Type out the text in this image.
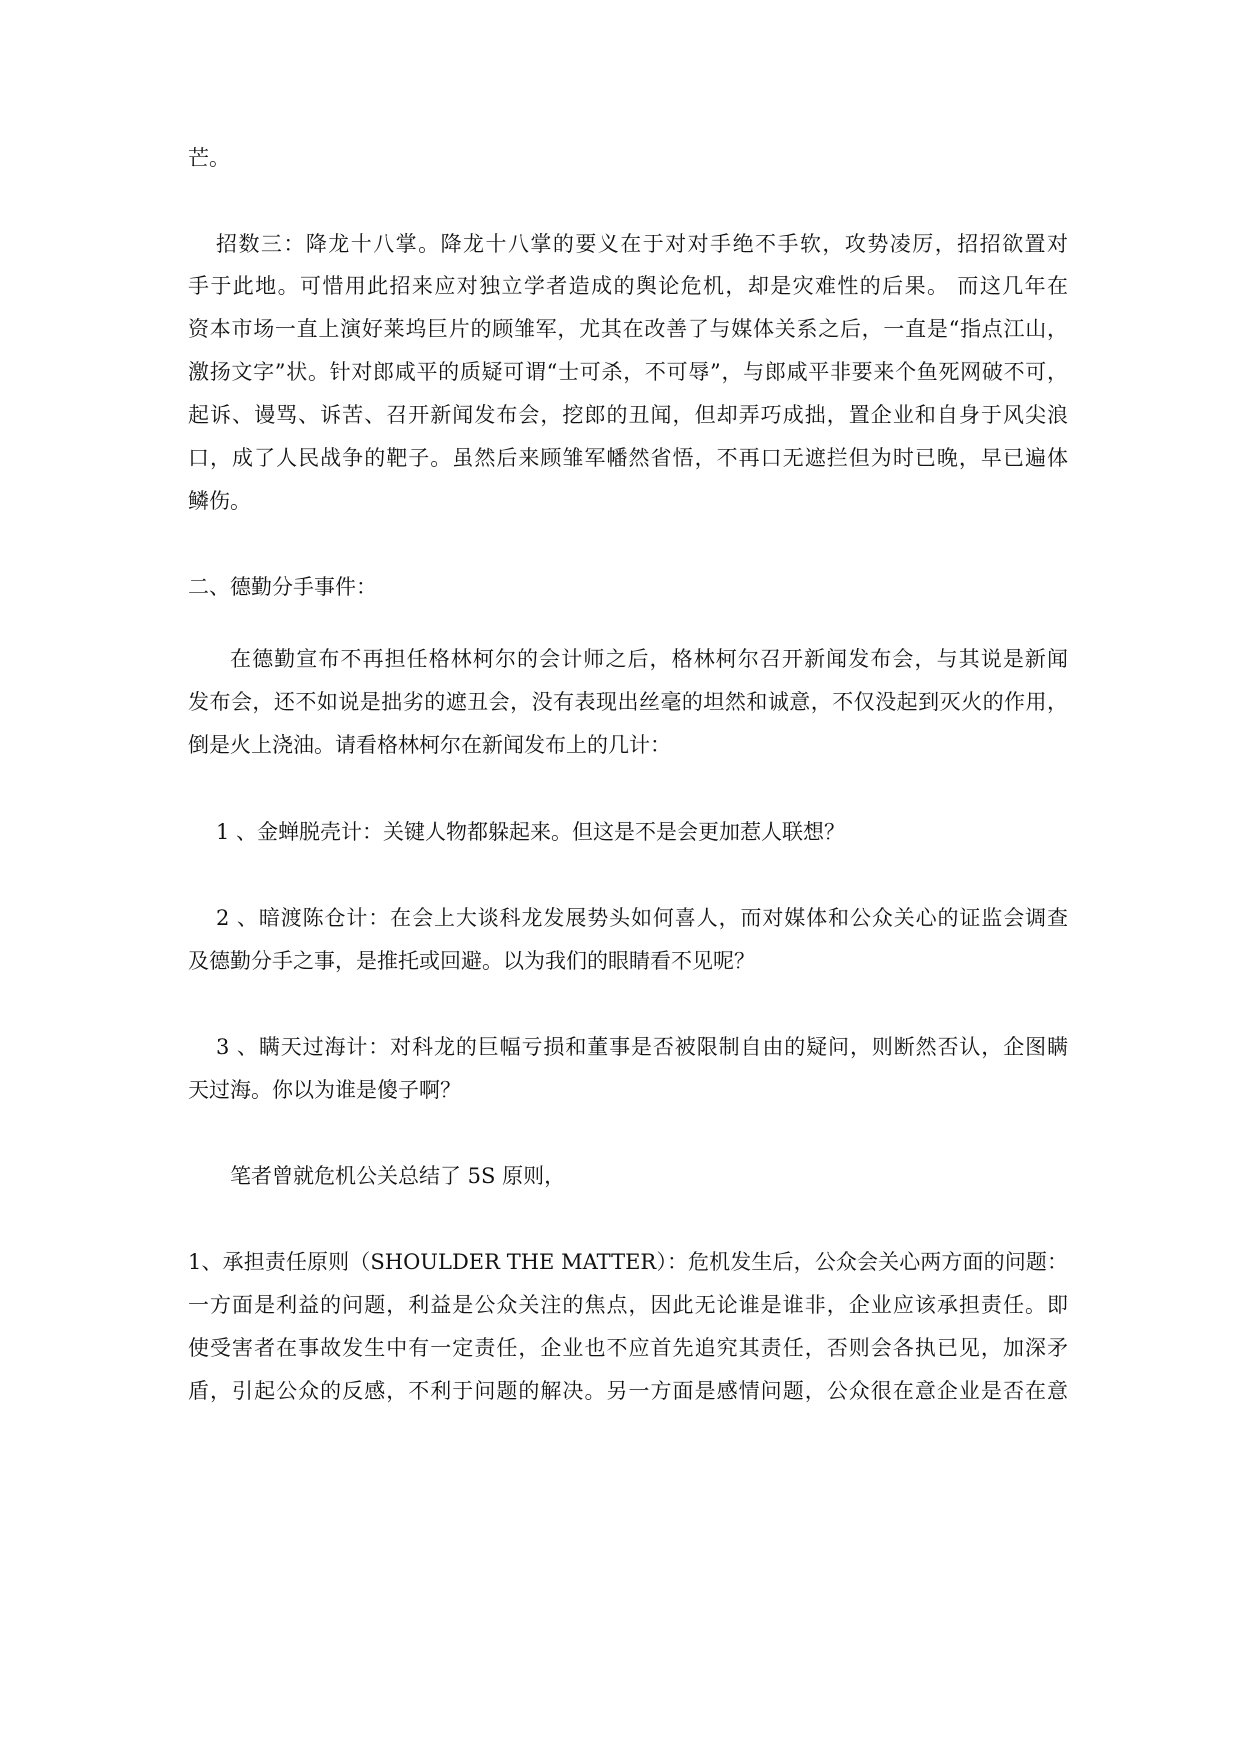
芒。
招数三：降龙十八掌。降龙十八掌的要义在于对对手绝不手软，攻势凌厉，招招欲置对
手于此地。可惜用此招来应对独立学者造成的舆论危机，却是灾难性的后果。 而这几年在
资本市场一直上演好莱坞巨片的顾雏军，尤其在改善了与媒体关系之后，一直是“指点江山，
激扬文字”状。针对郎咸平的质疑可谓“士可杀，不可辱”，与郎咸平非要来个鱼死网破不可，
起诉、谩骂、诉苦、召开新闻发布会，挖郎的丑闻，但却弄巧成拙，置企业和自身于风尖浪
口，成了人民战争的靶子。虽然后来顾雏军幡然省悟，不再口无遮拦但为时已晚，早已遍体
鳞伤。
二、德勤分手事件：
在德勤宣布不再担任格林柯尔的会计师之后，格林柯尔召开新闻发布会，与其说是新闻
发布会，还不如说是拙劣的遮丑会，没有表现出丝毫的坦然和诚意，不仅没起到灭火的作用，
倒是火上浇油。请看格林柯尔在新闻发布上的几计：
1 、金蝉脱壳计：关键人物都躲起来。但这是不是会更加惹人联想？
2 、暗渡陈仓计：在会上大谈科龙发展势头如何喜人，而对媒体和公众关心的证监会调查
及德勤分手之事，是推托或回避。以为我们的眼睛看不见呢？
3 、瞒天过海计：对科龙的巨幅亏损和董事是否被限制自由的疑问，则断然否认，企图瞒
天过海。你以为谁是傻子啊？
笔者曾就危机公关总结了 5S 原则，
1、承担责任原则（SHOULDER THE MATTER）：危机发生后，公众会关心两方面的问题：
一方面是利益的问题，利益是公众关注的焦点，因此无论谁是谁非，企业应该承担责任。即
使受害者在事故发生中有一定责任，企业也不应首先追究其责任，否则会各执已见，加深矛
盾，引起公众的反感，不利于问题的解决。另一方面是感情问题，公众很在意企业是否在意
